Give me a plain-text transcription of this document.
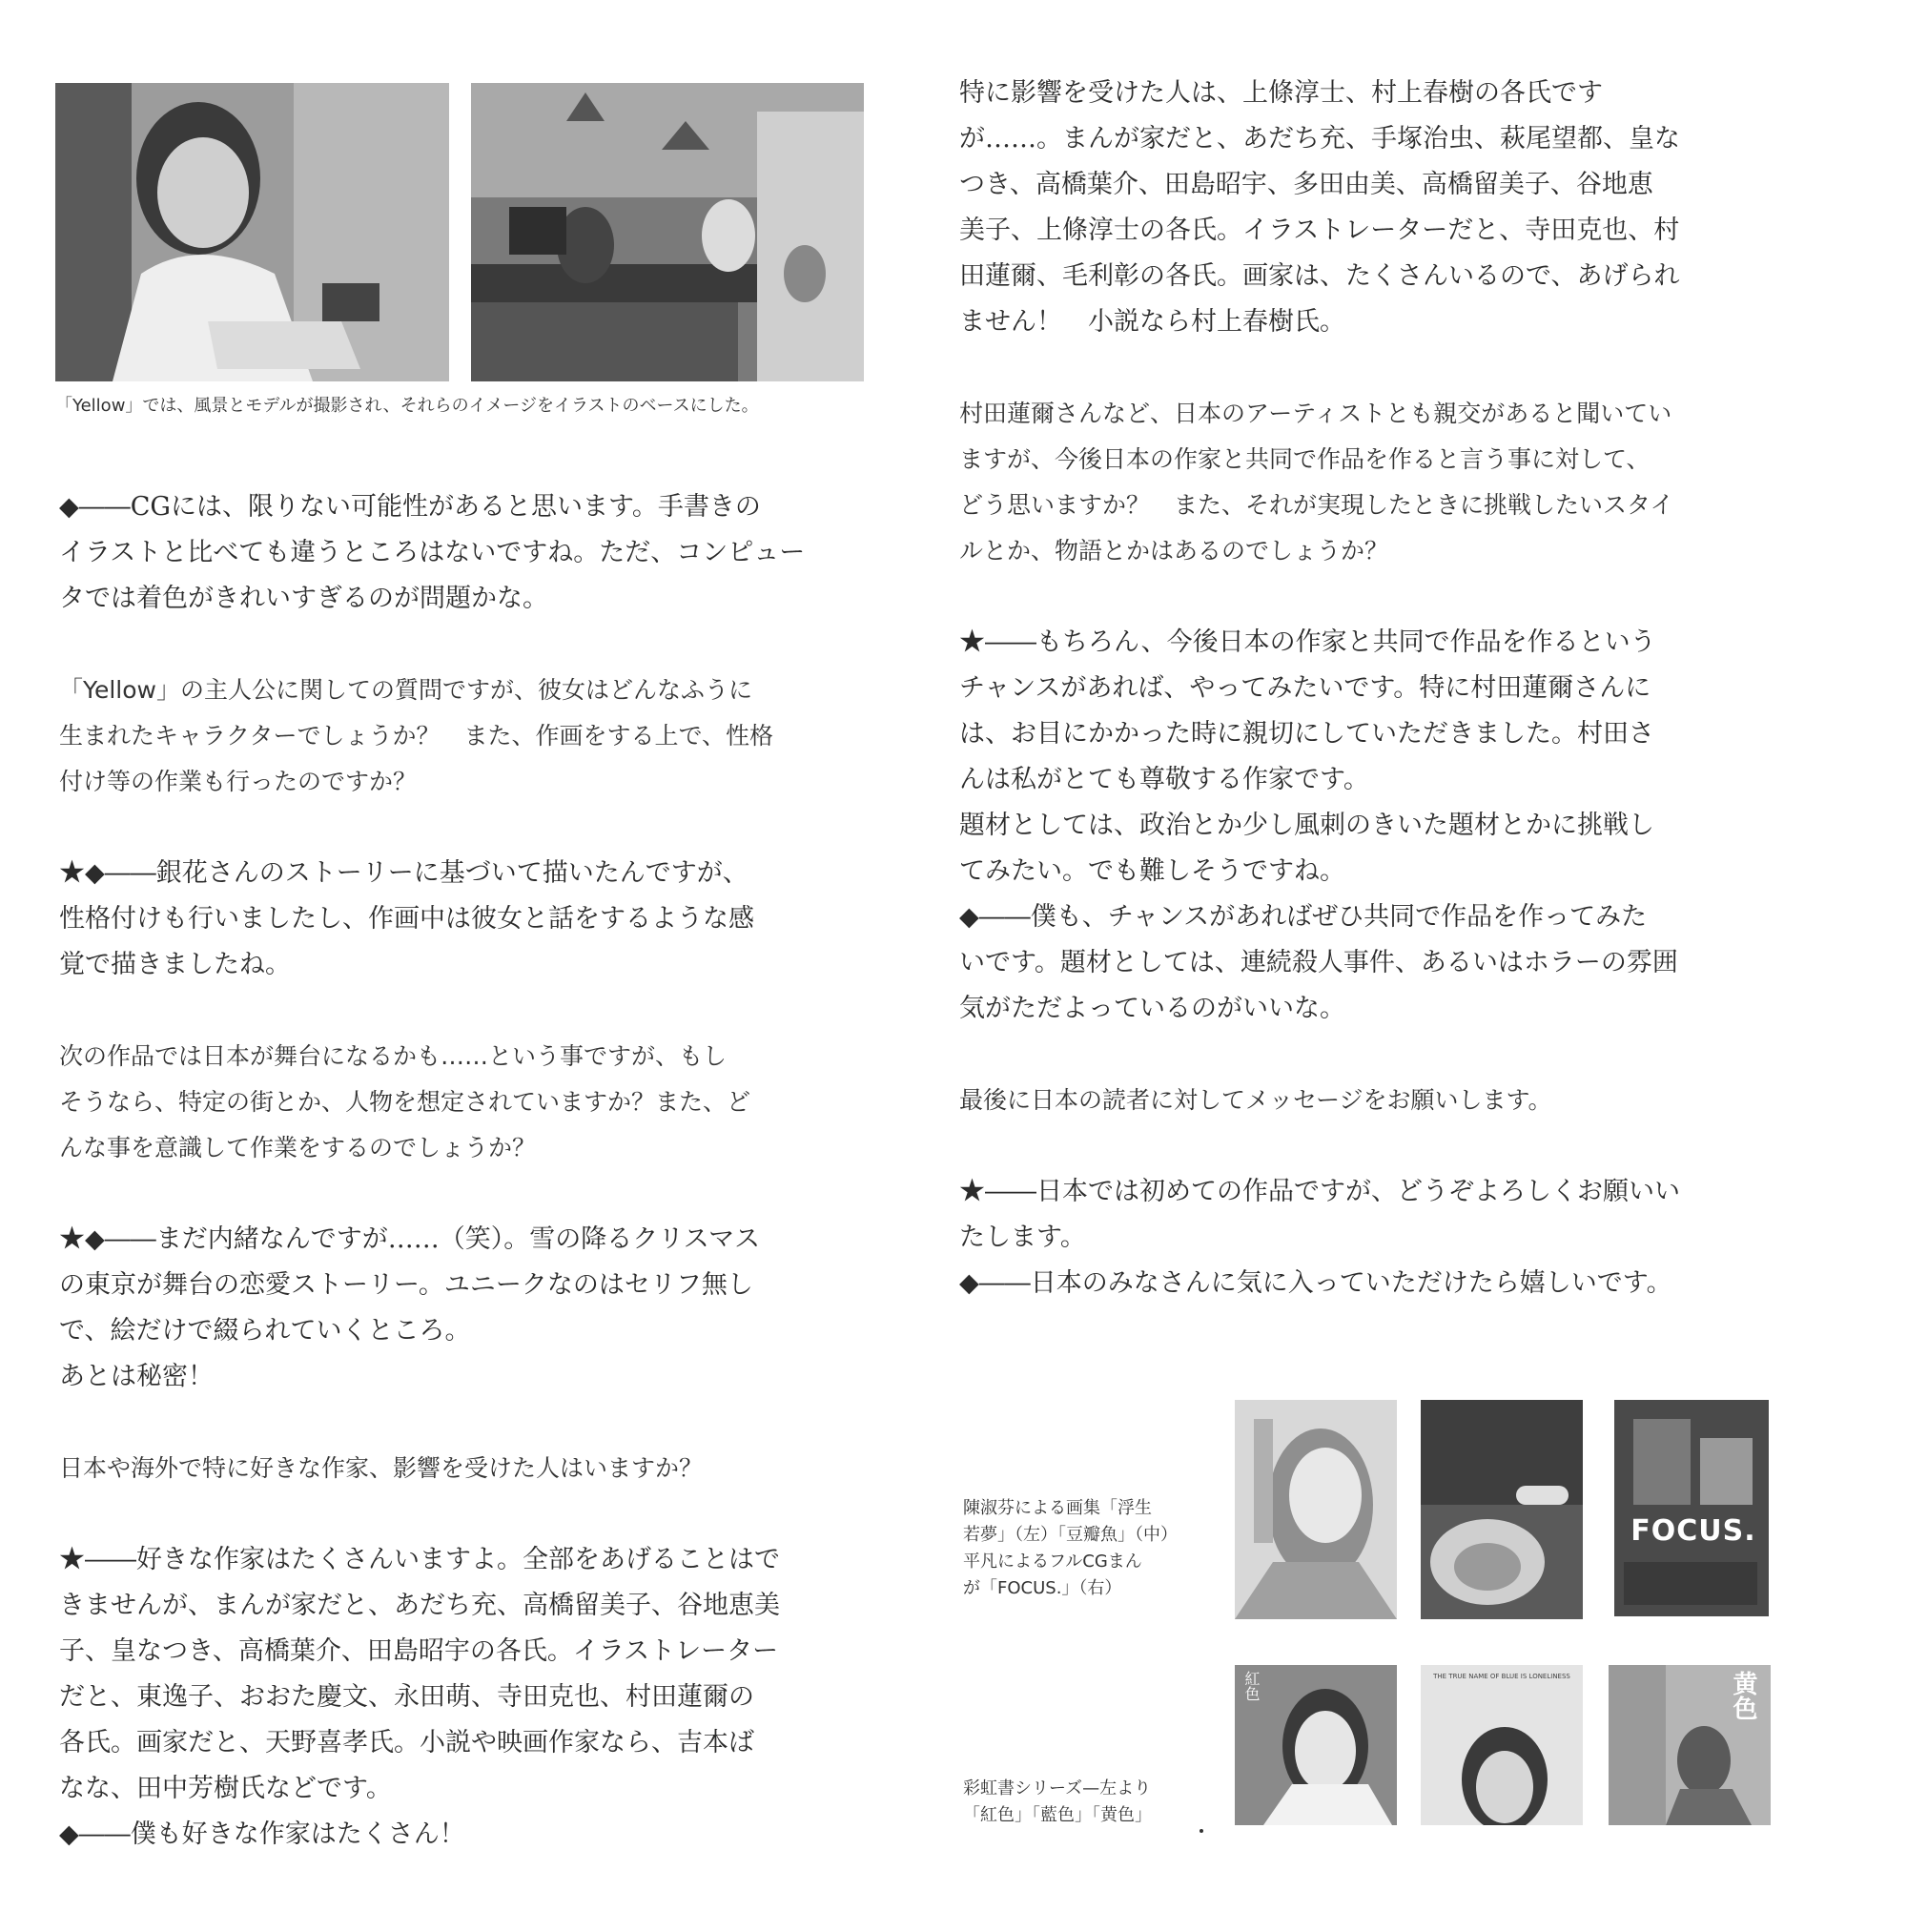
「Yellow」では、風景とモデルが撮影され、それらのイメージをイラストのベースにした。
◆――CGには、限りない可能性があると思います。手書きの
イラストと比べても違うところはないですね。ただ、コンピュー
タでは着色がきれいすぎるのが問題かな。
「Yellow」の主人公に関しての質問ですが、彼女はどんなふうに
生まれたキャラクターでしょうか？　また、作画をする上で、性格
付け等の作業も行ったのですか？
★◆――銀花さんのストーリーに基づいて描いたんですが、
性格付けも行いましたし、作画中は彼女と話をするような感
覚で描きましたね。
次の作品では日本が舞台になるかも……という事ですが、もし
そうなら、特定の街とか、人物を想定されていますか？また、ど
んな事を意識して作業をするのでしょうか？
★◆――まだ内緒なんですが……（笑）。雪の降るクリスマス
の東京が舞台の恋愛ストーリー。ユニークなのはセリフ無し
で、絵だけで綴られていくところ。
あとは秘密！
日本や海外で特に好きな作家、影響を受けた人はいますか？
★――好きな作家はたくさんいますよ。全部をあげることはで
きませんが、まんが家だと、あだち充、高橋留美子、谷地恵美
子、皇なつき、高橋葉介、田島昭宇の各氏。イラストレーター
だと、東逸子、おおた慶文、永田萌、寺田克也、村田蓮爾の
各氏。画家だと、天野喜孝氏。小説や映画作家なら、吉本ば
なな、田中芳樹氏などです。
◆――僕も好きな作家はたくさん！
特に影響を受けた人は、上條淳士、村上春樹の各氏です
が……。まんが家だと、あだち充、手塚治虫、萩尾望都、皇な
つき、高橋葉介、田島昭宇、多田由美、高橋留美子、谷地恵
美子、上條淳士の各氏。イラストレーターだと、寺田克也、村
田蓮爾、毛利彰の各氏。画家は、たくさんいるので、あげられ
ません！　小説なら村上春樹氏。
村田蓮爾さんなど、日本のアーティストとも親交があると聞いてい
ますが、今後日本の作家と共同で作品を作ると言う事に対して、
どう思いますか？　また、それが実現したときに挑戦したいスタイ
ルとか、物語とかはあるのでしょうか？
★――もちろん、今後日本の作家と共同で作品を作るという
チャンスがあれば、やってみたいです。特に村田蓮爾さんに
は、お目にかかった時に親切にしていただきました。村田さ
んは私がとても尊敬する作家です。
題材としては、政治とか少し風刺のきいた題材とかに挑戦し
てみたい。でも難しそうですね。
◆――僕も、チャンスがあればぜひ共同で作品を作ってみた
いです。題材としては、連続殺人事件、あるいはホラーの雰囲
気がただよっているのがいいな。
最後に日本の読者に対してメッセージをお願いします。
★――日本では初めての作品ですが、どうぞよろしくお願いい
たします。
◆――日本のみなさんに気に入っていただけたら嬉しいです。
FOCUS.
陳淑芬による画集「浮生
若夢」（左）「豆瓣魚」（中）
平凡によるフルCGまん
が「FOCUS.」（右）
紅色	THE TRUE NAME OF BLUE IS LONELINESS	黄色
彩虹書シリーズ—左より
「紅色」「藍色」「黄色」
